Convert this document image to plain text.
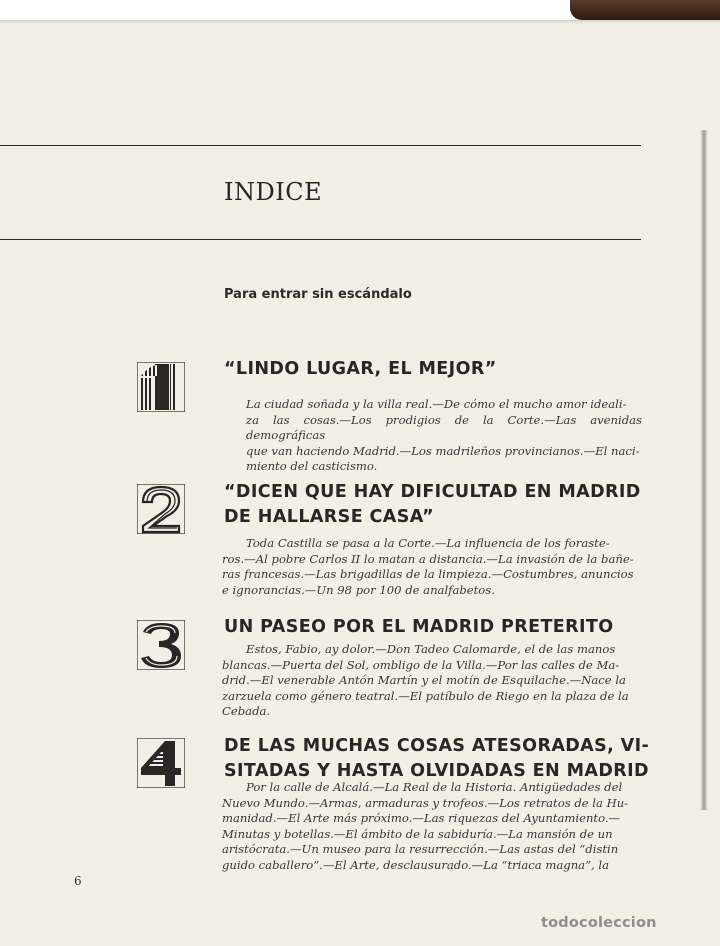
INDICE
Para entrar sin escándalo
“LINDO LUGAR, EL MEJOR”
La ciudad soñada y la villa real.—De cómo el mucho amor ideali-
za las cosas.—Los prodigios de la Corte.—Las avenidas demográficas
que van haciendo Madrid.—Los madrileños provincianos.—El naci-
miento del casticismo.
“DICEN QUE HAY DIFICULTAD EN MADRID
DE HALLARSE CASA”
Toda Castilla se pasa a la Corte.—La influencia de los foraste-
ros.—Al pobre Carlos II lo matan a distancia.—La invasión de la bañe-
ras francesas.—Las brigadillas de la limpieza.—Costumbres, anuncios
e ignorancias.—Un 98 por 100 de analfabetos.
UN PASEO POR EL MADRID PRETERITO
Estos, Fabio, ay dolor.—Don Tadeo Calomarde, el de las manos
blancas.—Puerta del Sol, ombligo de la Villa.—Por las calles de Ma-
drid.—El venerable Antón Martín y el motín de Esquilache.—Nace la
zarzuela como género teatral.—El patíbulo de Riego en la plaza de la
Cebada.
DE LAS MUCHAS COSAS ATESORADAS, VI-
SITADAS Y HASTA OLVIDADAS EN MADRID
Por la calle de Alcalá.—La Real de la Historia. Antigüedades del
Nuevo Mundo.—Armas, armaduras y trofeos.—Los retratos de la Hu-
manidad.—El Arte más próximo.—Las riquezas del Ayuntamiento.—
Minutas y botellas.—El ámbito de la sabiduría.—La mansión de un
aristócrata.—Un museo para la resurrección.—Las astas del “distin
guido caballero”.—El Arte, desclausurado.—La “triaca magna”, la
6
todocoleccion
